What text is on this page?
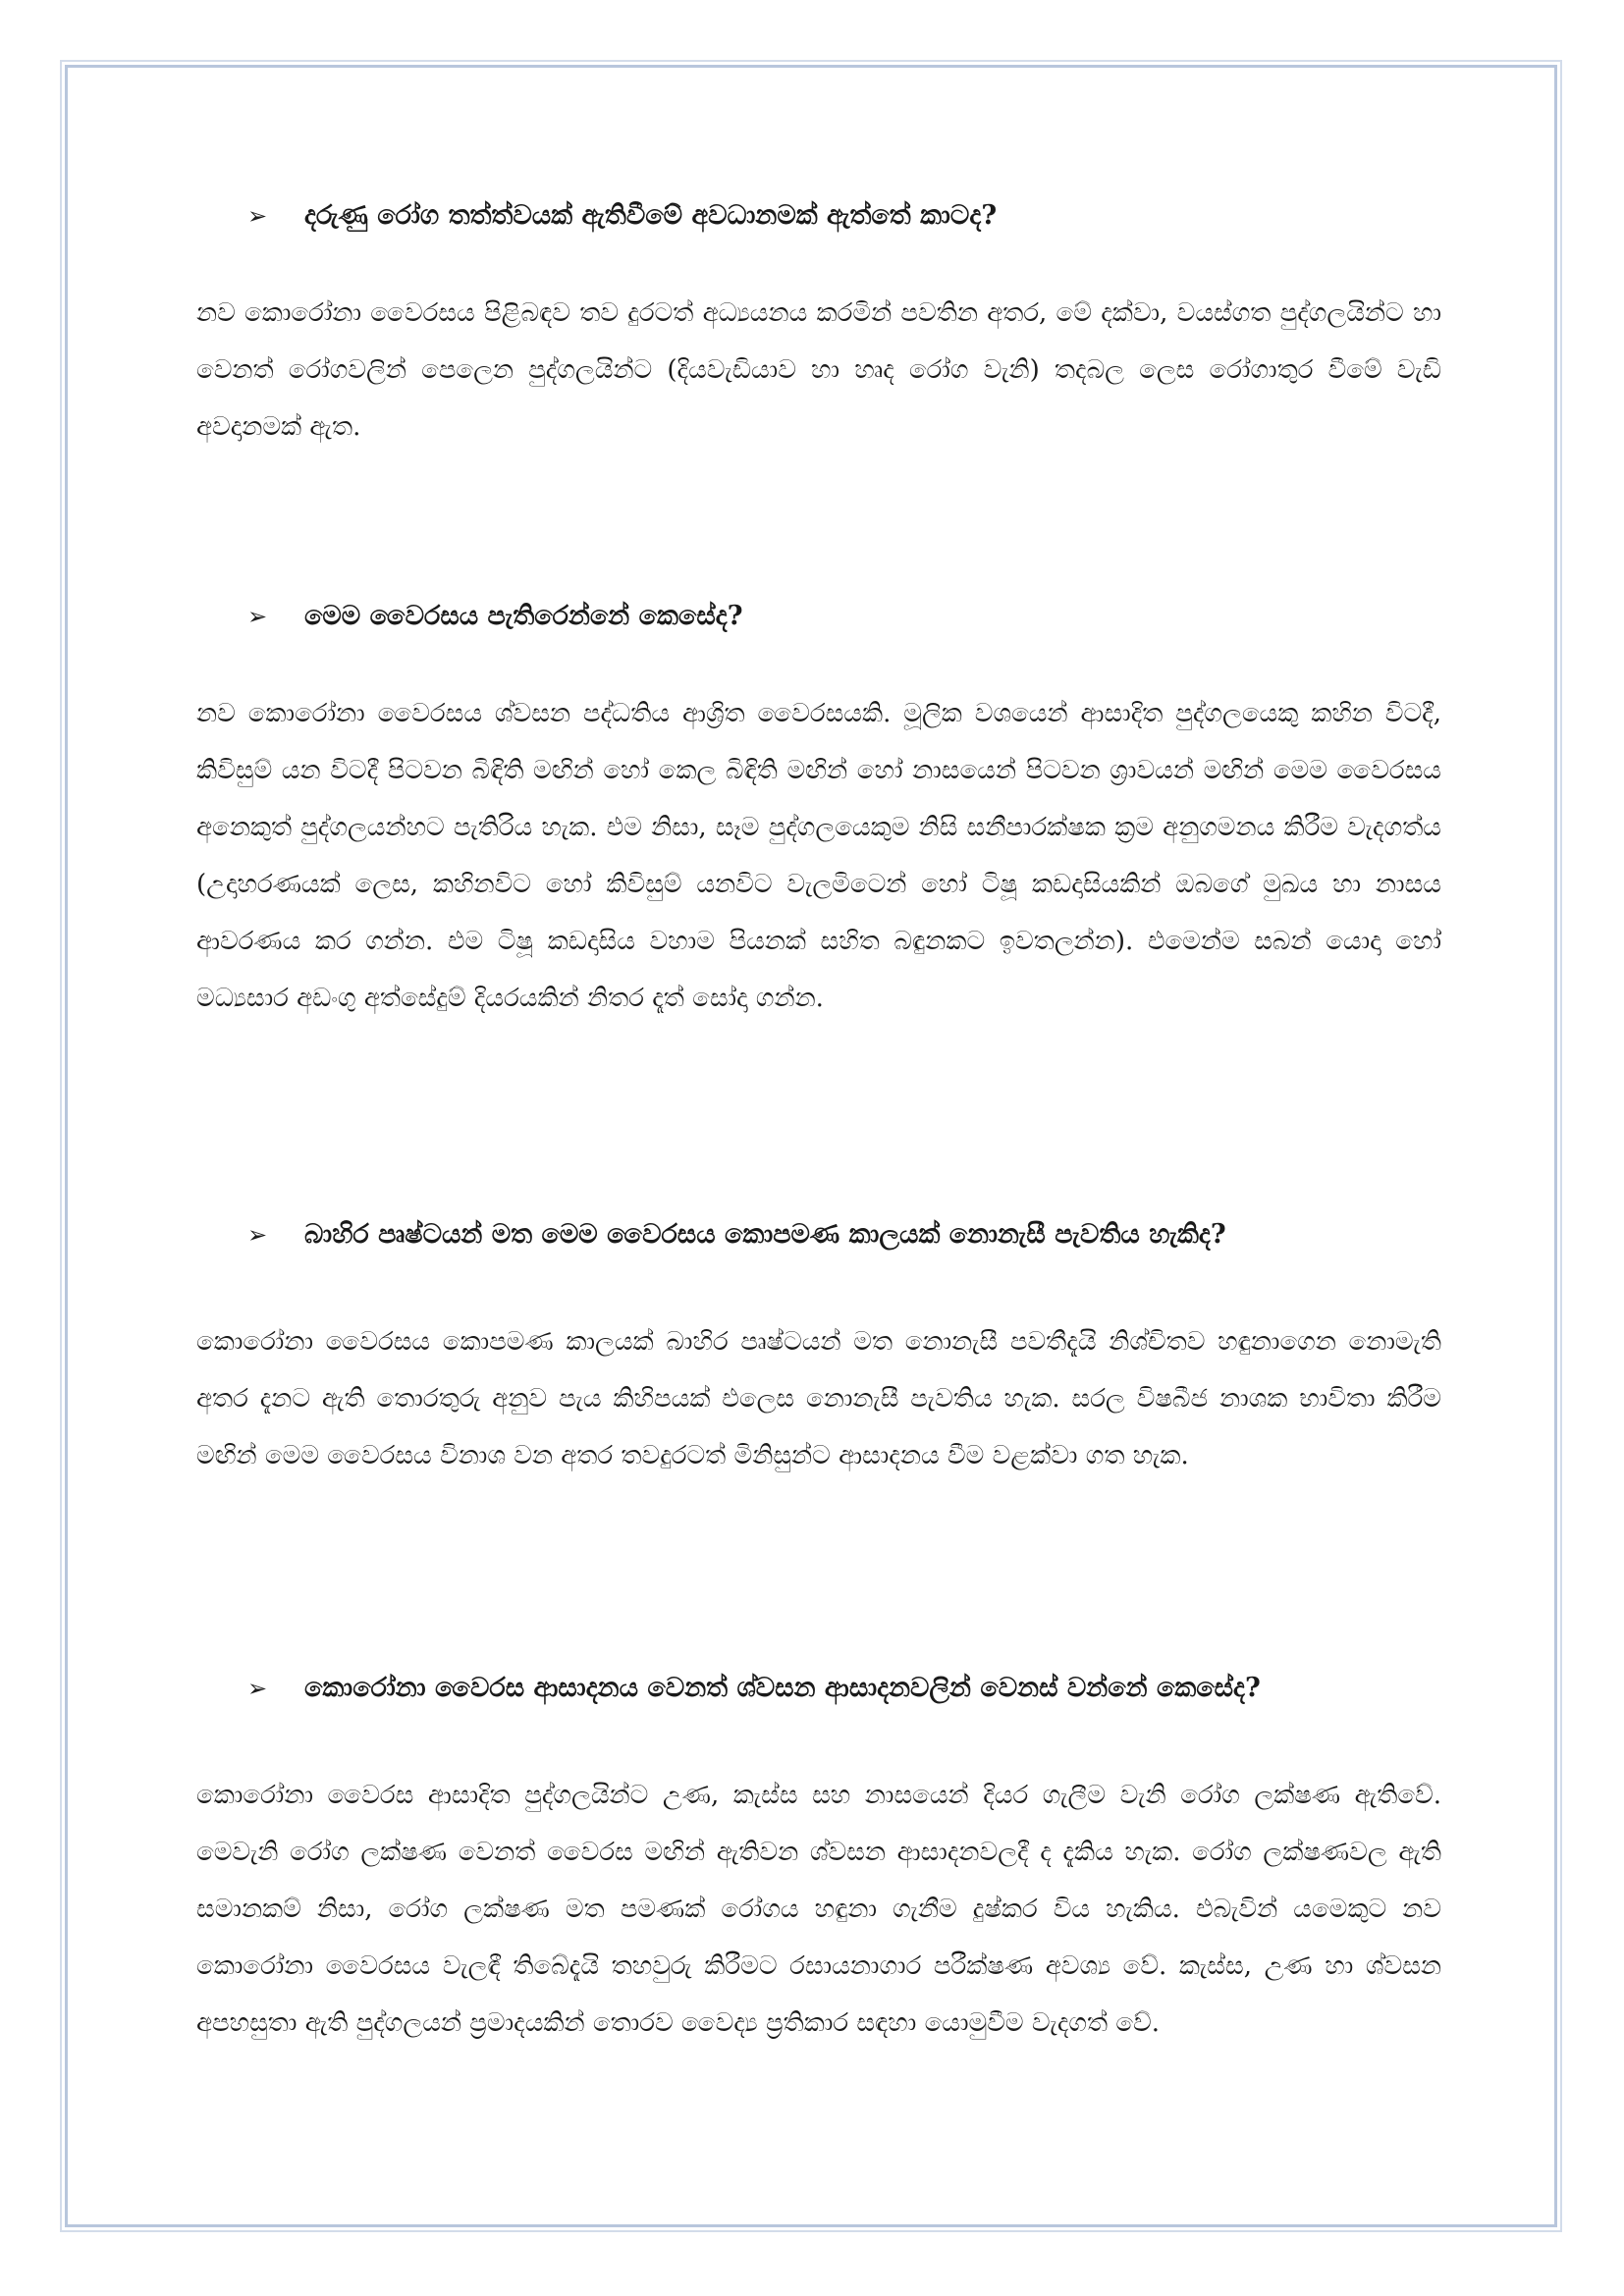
➢	දරුණු රෝග තත්ත්වයක් ඇතිවීමේ අවධානමක් ඇත්තේ කාටද?

නව කොරෝනා වෛරසය පිළිබඳව තව දුරටත් අධ්‍යයනය කරමින් පවතින අතර, මේ දක්වා, වයස්ගත පුද්ගලයින්ට හා වෙනත් රෝගවලින් පෙලෙන පුද්ගලයින්ට (දියවැඩියාව හා හෘද රෝග වැනි) තදබල ලෙස රෝගාතුර වීමේ වැඩි අවදානමක් ඇත.

➢	මෙම වෛරසය පැතිරෙන්නේ කෙසේද?

නව කොරෝනා වෛරසය ශ්වසන පද්ධතිය ආශ්‍රිත වෛරසයකි. මූලික වශයෙන් ආසාදිත පුද්ගලයෙකු කහින විටදී, කිවිසුම් යන විටදී පිටවන බිඳිති මඟින් හෝ කෙල බිඳිති මඟින් හෝ නාසයෙන් පිටවන ශ්‍රාවයන් මඟින් මෙම වෛරසය අනෙකුත් පුද්ගලයන්හට පැතිරිය හැක. එම නිසා, සෑම පුද්ගලයෙකුම නිසි සනීපාරක්ෂක ක්‍රම අනුගමනය කිරීම වැදගත්ය (උදාහරණයක් ලෙස, කහිනවිට හෝ කිවිසුම් යනවිට වැලමිටෙන් හෝ ටිෂූ කඩදාසියකින් ඔබගේ මුඛය හා නාසය ආවරණය කර ගන්න. එම ටිෂූ කඩදාසිය වහාම පියනක් සහිත බඳුනකට ඉවතලන්න). එමෙන්ම සබන් යොදා හෝ මධ්‍යසාර අඩංගු අත්සේදුම් දියරයකින් නිතර දෑත් සෝදා ගන්න.

➢	බාහිර පෘෂ්ටයන් මත මෙම වෛරසය කොපමණ කාලයක් නොනැසී පැවතිය හැකිද?

කොරෝනා වෛරසය කොපමණ කාලයක් බාහිර පෘෂ්ටයන් මත නොනැසී පවතීදැයි නිශ්චිතව හඳුනාගෙන නොමැති අතර දැනට ඇති තොරතුරු අනුව පැය කිහිපයක් එලෙස නොනැසී පැවතිය හැක. සරල විෂබීජ නාශක භාවිතා කිරීම මඟින් මෙම වෛරසය විනාශ වන අතර තවදුරටත් මිනිසුන්ට ආසාදනය වීම වළක්වා ගත හැක.

➢	කොරෝනා වෛරස ආසාදනය වෙනත් ශ්වසන ආසාදනවලින් වෙනස් වන්නේ කෙසේද?

කොරෝනා වෛරස ආසාදිත පුද්ගලයින්ට උණ, කැස්ස සහ නාසයෙන් දියර ගැලීම වැනි රෝග ලක්ෂණ ඇතිවේ. මෙවැනි රෝග ලක්ෂණ වෙනත් වෛරස මඟින් ඇතිවන ශ්වසන ආසාදනවලදී ද දැකිය හැක. රෝග ලක්ෂණවල ඇති සමානකම් නිසා, රෝග ලක්ෂණ මත පමණක් රෝගය හඳුනා ගැනීම දුෂ්කර විය හැකිය. එබැවින් යමෙකුට නව කොරෝනා වෛරසය වැලඳී තිබේදැයි තහවුරු කිරීමට රසායනාගාර පරීක්ෂණ අවශ්‍ය වේ. කැස්ස, උණ හා ශ්වසන අපහසුතා ඇති පුද්ගලයන් ප්‍රමාදයකින් තොරව වෛද්‍ය ප්‍රතිකාර සඳහා යොමුවීම වැදගත් වේ.
